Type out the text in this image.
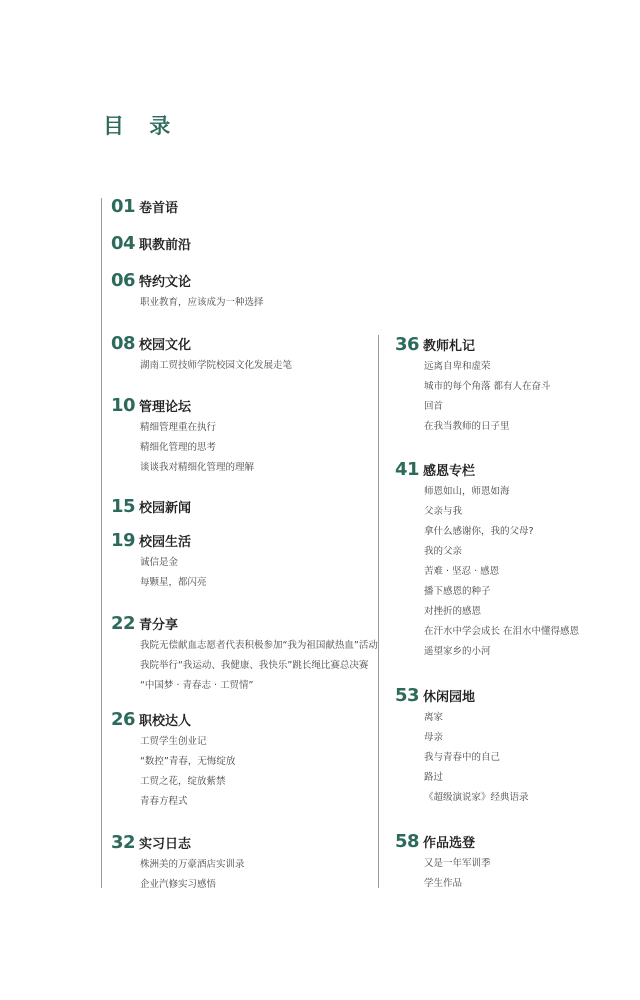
目 录
01 卷首语
04 职教前沿
06 特约文论
职业教育，应该成为一种选择
08 校园文化
湖南工贸技师学院校园文化发展走笔
10 管理论坛
精细管理重在执行
精细化管理的思考
谈谈我对精细化管理的理解
15 校园新闻
19 校园生活
诚信是金
每颗星，都闪亮
22 青分享
我院无偿献血志愿者代表积极参加“我为祖国献热血”活动
我院举行“我运动、我健康、我快乐”跳长绳比赛总决赛
“中国梦 · 青春志 · 工贸情”
26 职校达人
工贸学生创业记
“数控”青春，无悔绽放
工贸之花，绽放紫禁
青春方程式
32 实习日志
株洲美的万豪酒店实训录
企业汽修实习感悟
36 教师札记
远离自卑和虚荣
城市的每个角落 都有人在奋斗
回首
在我当教师的日子里
41 感恩专栏
师恩如山，师恩如海
父亲与我
拿什么感谢你，我的父母?
我的父亲
苦难 · 坚忍 · 感恩
播下感恩的种子
对挫折的感恩
在汗水中学会成长 在泪水中懂得感恩
遥望家乡的小河
53 休闲园地
离家
母亲
我与青春中的自己
路过
《超级演说家》经典语录
58 作品选登
又是一年军训季
学生作品
